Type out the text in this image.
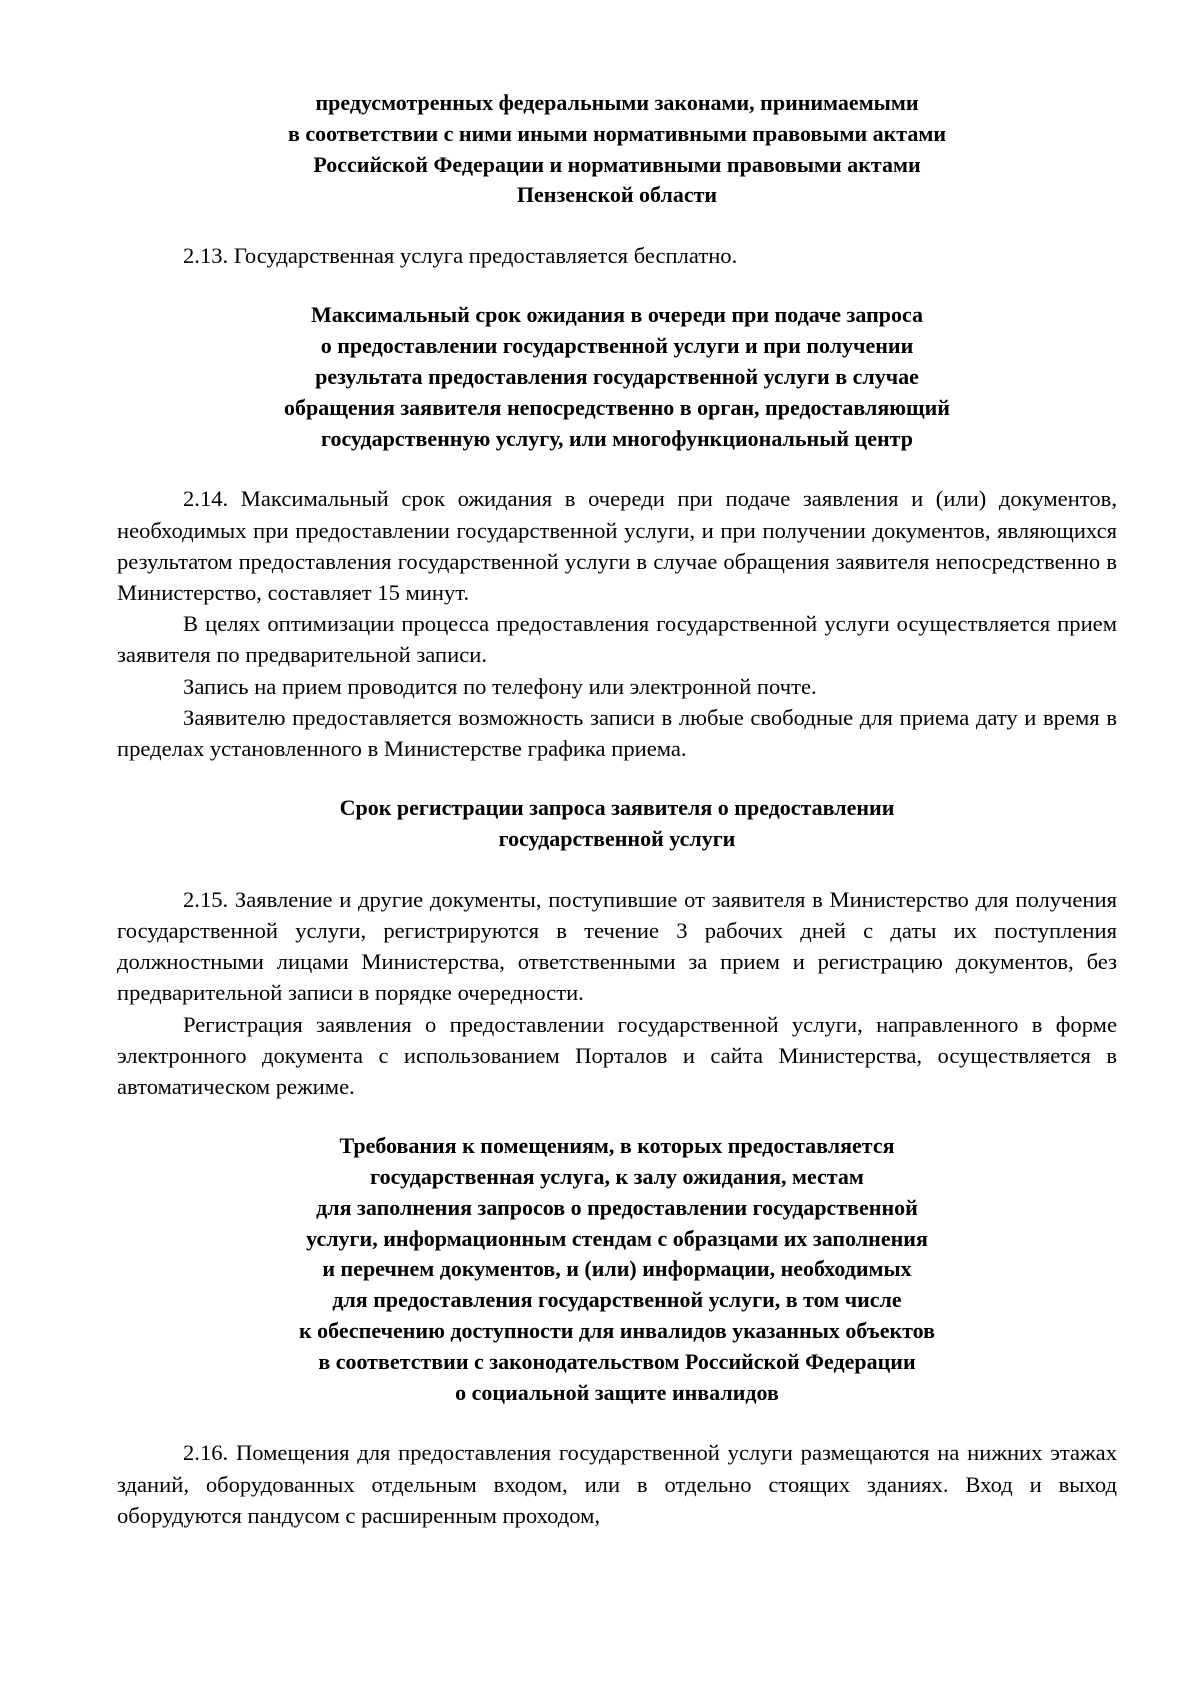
предусмотренных федеральными законами, принимаемыми
в соответствии с ними иными нормативными правовыми актами
Российской Федерации и нормативными правовыми актами
Пензенской области

2.13. Государственная услуга предоставляется бесплатно.

Максимальный срок ожидания в очереди при подаче запроса
о предоставлении государственной услуги и при получении
результата предоставления государственной услуги в случае
обращения заявителя непосредственно в орган, предоставляющий
государственную услугу, или многофункциональный центр

2.14. Максимальный срок ожидания в очереди при подаче заявления и (или) документов, необходимых при предоставлении государственной услуги, и при получении документов, являющихся результатом предоставления государственной услуги в случае обращения заявителя непосредственно в Министерство, составляет 15 минут.

В целях оптимизации процесса предоставления государственной услуги осуществляется прием заявителя по предварительной записи.

Запись на прием проводится по телефону или электронной почте.

Заявителю предоставляется возможность записи в любые свободные для приема дату и время в пределах установленного в Министерстве графика приема.

Срок регистрации запроса заявителя о предоставлении
государственной услуги

2.15. Заявление и другие документы, поступившие от заявителя в Министерство для получения государственной услуги, регистрируются в течение 3 рабочих дней с даты их поступления должностными лицами Министерства, ответственными за прием и регистрацию документов, без предварительной записи в порядке очередности.

Регистрация заявления о предоставлении государственной услуги, направленного в форме электронного документа с использованием Порталов и сайта Министерства, осуществляется в автоматическом режиме.

Требования к помещениям, в которых предоставляется
государственная услуга, к залу ожидания, местам
для заполнения запросов о предоставлении государственной
услуги, информационным стендам с образцами их заполнения
и перечнем документов, и (или) информации, необходимых
для предоставления государственной услуги, в том числе
к обеспечению доступности для инвалидов указанных объектов
в соответствии с законодательством Российской Федерации
о социальной защите инвалидов

2.16. Помещения для предоставления государственной услуги размещаются на нижних этажах зданий, оборудованных отдельным входом, или в отдельно стоящих зданиях. Вход и выход оборудуются пандусом с расширенным проходом,
